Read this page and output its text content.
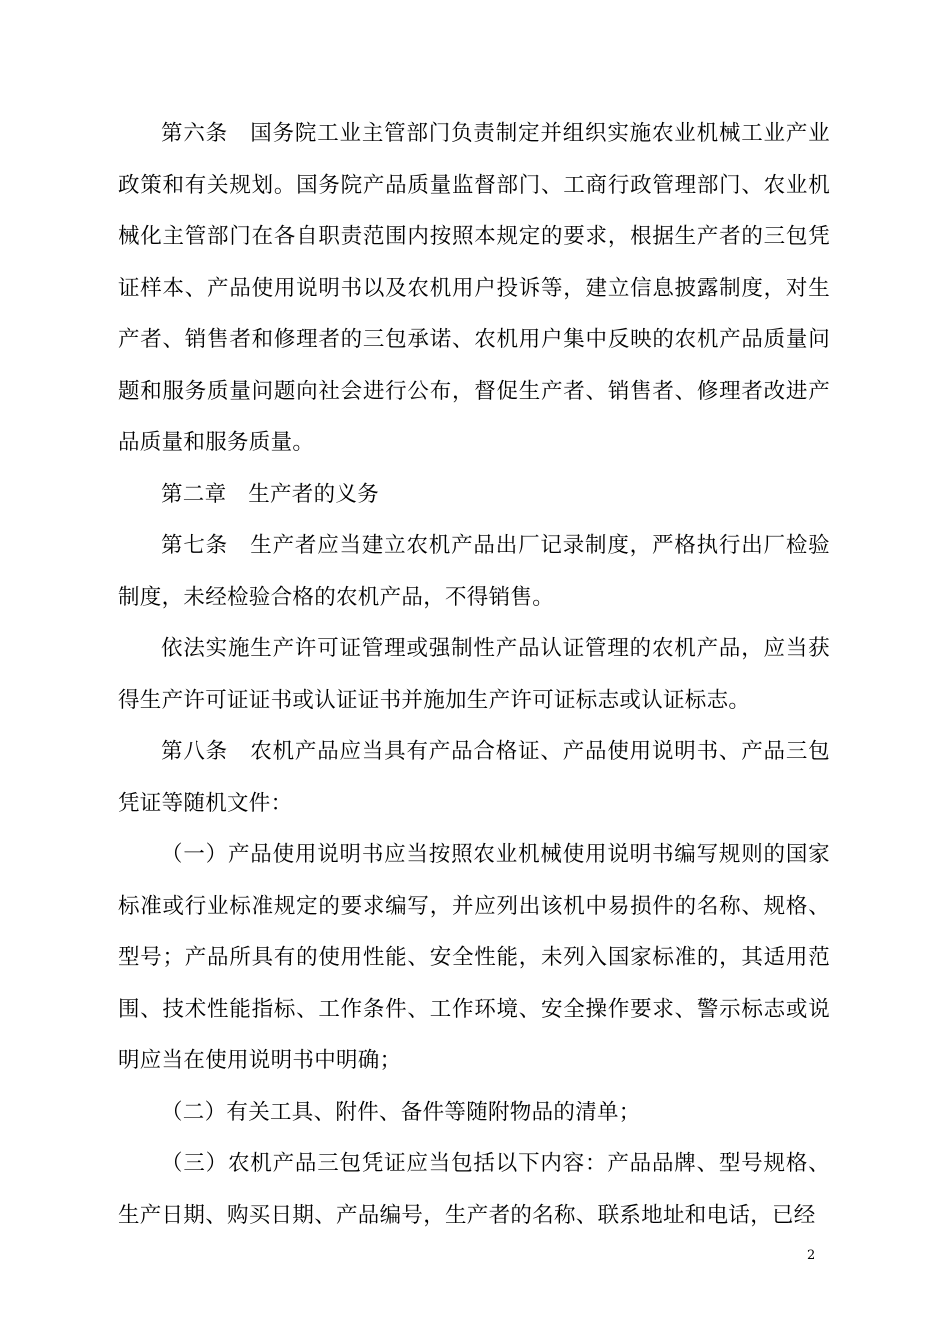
第六条　国务院工业主管部门负责制定并组织实施农业机械工业产业政策和有关规划。国务院产品质量监督部门、工商行政管理部门、农业机械化主管部门在各自职责范围内按照本规定的要求，根据生产者的三包凭证样本、产品使用说明书以及农机用户投诉等，建立信息披露制度，对生产者、销售者和修理者的三包承诺、农机用户集中反映的农机产品质量问题和服务质量问题向社会进行公布，督促生产者、销售者、修理者改进产品质量和服务质量。

第二章　生产者的义务

第七条　生产者应当建立农机产品出厂记录制度，严格执行出厂检验制度，未经检验合格的农机产品，不得销售。

依法实施生产许可证管理或强制性产品认证管理的农机产品，应当获得生产许可证证书或认证证书并施加生产许可证标志或认证标志。

第八条　农机产品应当具有产品合格证、产品使用说明书、产品三包凭证等随机文件：

（一）产品使用说明书应当按照农业机械使用说明书编写规则的国家标准或行业标准规定的要求编写，并应列出该机中易损件的名称、规格、型号；产品所具有的使用性能、安全性能，未列入国家标准的，其适用范围、技术性能指标、工作条件、工作环境、安全操作要求、警示标志或说明应当在使用说明书中明确；

（二）有关工具、附件、备件等随附物品的清单；

（三）农机产品三包凭证应当包括以下内容：产品品牌、型号规格、生产日期、购买日期、产品编号，生产者的名称、联系地址和电话，已经

2
